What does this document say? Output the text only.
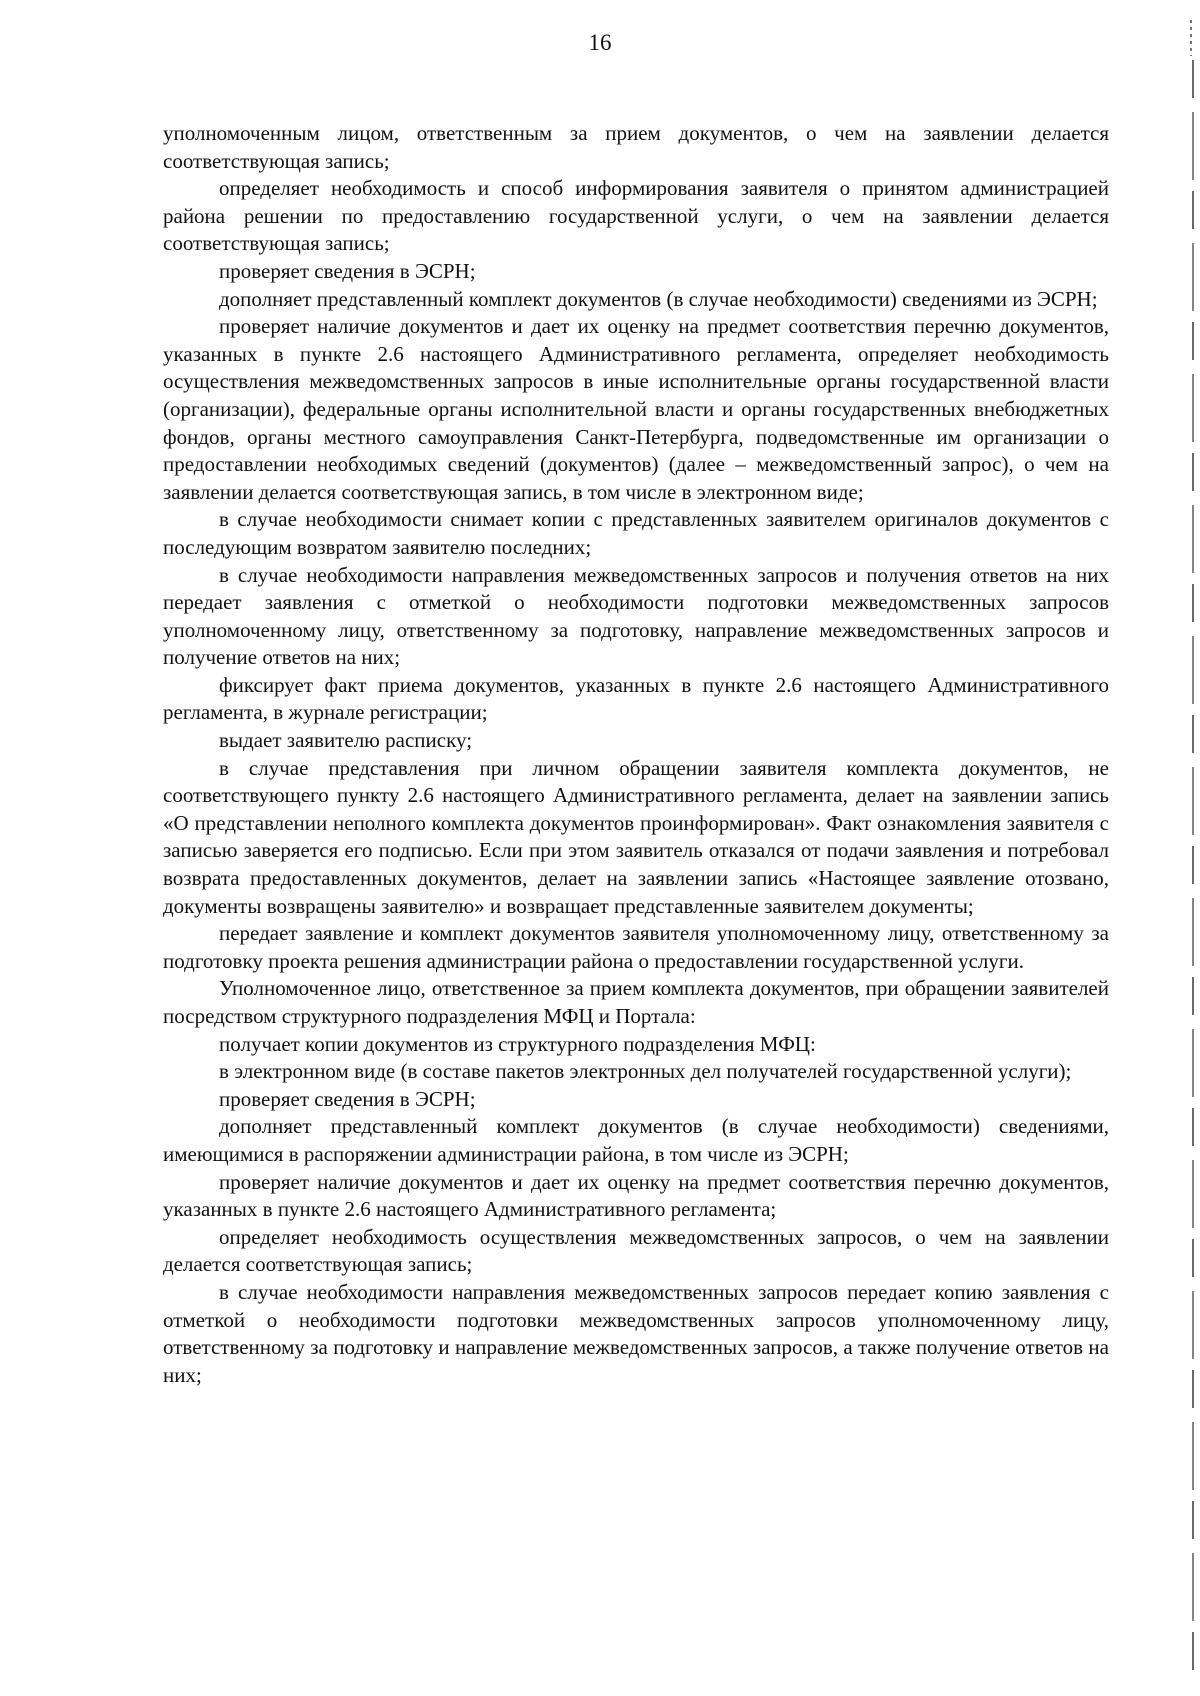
16

уполномоченным лицом, ответственным за прием документов, о чем на заявлении делается соответствующая запись;

определяет необходимость и способ информирования заявителя о принятом администрацией района решении по предоставлению государственной услуги, о чем на заявлении делается соответствующая запись;

проверяет сведения в ЭСРН;

дополняет представленный комплект документов (в случае необходимости) сведениями из ЭСРН;

проверяет наличие документов и дает их оценку на предмет соответствия перечню документов, указанных в пункте 2.6 настоящего Административного регламента, определяет необходимость осуществления межведомственных запросов в иные исполнительные органы государственной власти (организации), федеральные органы исполнительной власти и органы государственных внебюджетных фондов, органы местного самоуправления Санкт-Петербурга, подведомственные им организации о предоставлении необходимых сведений (документов) (далее – межведомственный запрос), о чем на заявлении делается соответствующая запись, в том числе в электронном виде;

в случае необходимости снимает копии с представленных заявителем оригиналов документов с последующим возвратом заявителю последних;

в случае необходимости направления межведомственных запросов и получения ответов на них передает заявления с отметкой о необходимости подготовки межведомственных запросов уполномоченному лицу, ответственному за подготовку, направление межведомственных запросов и получение ответов на них;

фиксирует факт приема документов, указанных в пункте 2.6 настоящего Административного регламента, в журнале регистрации;

выдает заявителю расписку;

в случае представления при личном обращении заявителя комплекта документов, не соответствующего пункту 2.6 настоящего Административного регламента, делает на заявлении запись «О представлении неполного комплекта документов проинформирован». Факт ознакомления заявителя с записью заверяется его подписью. Если при этом заявитель отказался от подачи заявления и потребовал возврата предоставленных документов, делает на заявлении запись «Настоящее заявление отозвано, документы возвращены заявителю» и возвращает представленные заявителем документы;

передает заявление и комплект документов заявителя уполномоченному лицу, ответственному за подготовку проекта решения администрации района о предоставлении государственной услуги.

Уполномоченное лицо, ответственное за прием комплекта документов, при обращении заявителей посредством структурного подразделения МФЦ и Портала:

получает копии документов из структурного подразделения МФЦ:

в электронном виде (в составе пакетов электронных дел получателей государственной услуги);

проверяет сведения в ЭСРН;

дополняет представленный комплект документов (в случае необходимости) сведениями, имеющимися в распоряжении администрации района, в том числе из ЭСРН;

проверяет наличие документов и дает их оценку на предмет соответствия перечню документов, указанных в пункте 2.6 настоящего Административного регламента;

определяет необходимость осуществления межведомственных запросов, о чем на заявлении делается соответствующая запись;

в случае необходимости направления межведомственных запросов передает копию заявления с отметкой о необходимости подготовки межведомственных запросов уполномоченному лицу, ответственному за подготовку и направление межведомственных запросов, а также получение ответов на них;
